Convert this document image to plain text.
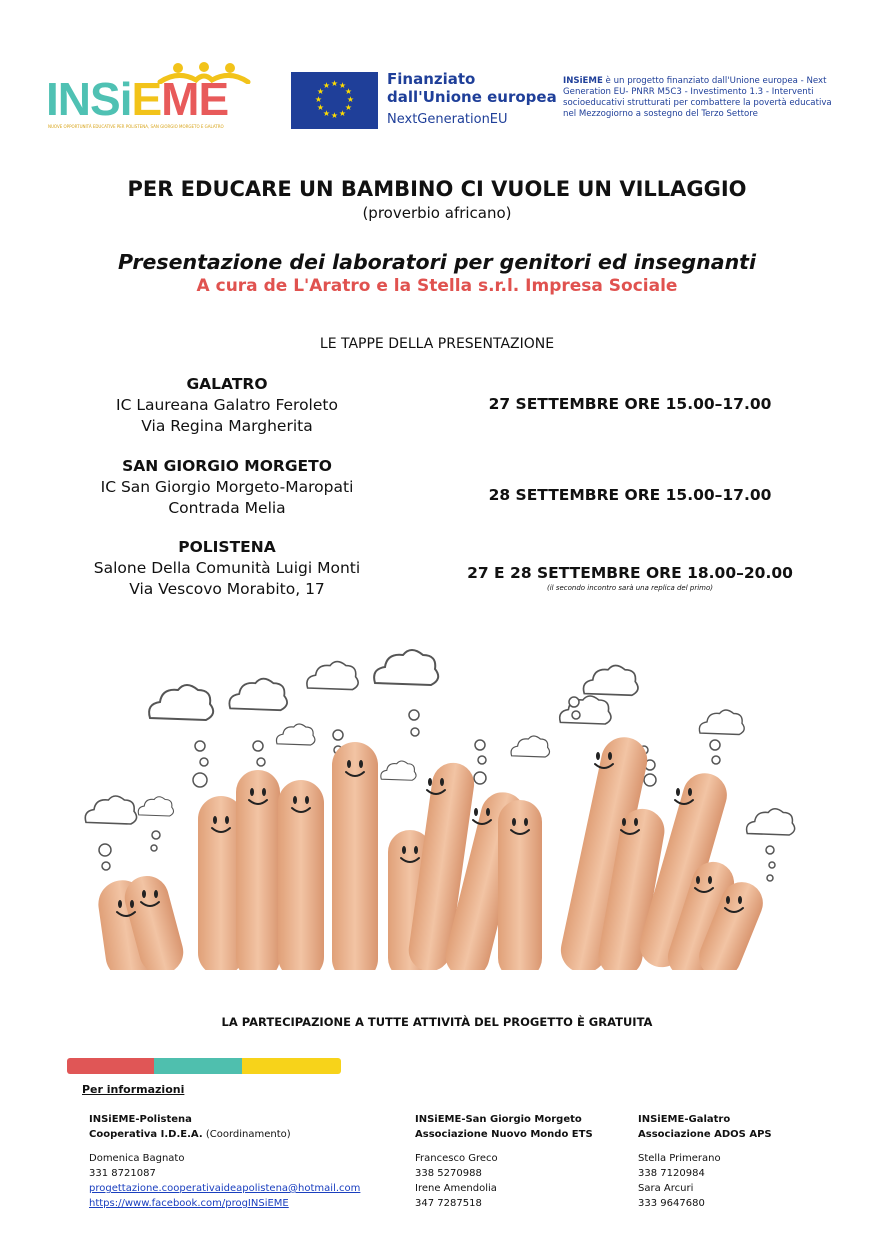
INSiEME
NUOVE OPPORTUNITÀ EDUCATIVE PER POLISTENA, SAN GIORGIO MORGETO E GALATRO
★ ★
★
★
★
★
★
★
★
★
★
★	Finanziato
dall'Unione europea
NextGenerationEU
INSiEME è un progetto finanziato dall'Unione europea - Next Generation EU- PNRR M5C3 - Investimento 1.3 - Interventi socioeducativi strutturati per combattere la povertà educativa nel Mezzogiorno a sostegno del Terzo Settore
PER EDUCARE UN BAMBINO CI VUOLE UN VILLAGGIO
(proverbio africano)
Presentazione dei laboratori per genitori ed insegnanti
A cura de L'Aratro e la Stella s.r.l. Impresa Sociale
LE TAPPE DELLA PRESENTAZIONE
GALATRO
IC Laureana Galatro Feroleto
Via Regina Margherita
27 SETTEMBRE ORE 15.00–17.00
SAN GIORGIO MORGETO
IC San Giorgio Morgeto-Maropati
Contrada Melia
28 SETTEMBRE ORE 15.00–17.00
POLISTENA
Salone Della Comunità Luigi Monti
Via Vescovo Morabito, 17
27 E 28 SETTEMBRE ORE 18.00–20.00
(il secondo incontro sarà una replica del primo)
LA PARTECIPAZIONE A TUTTE ATTIVITÀ DEL PROGETTO È GRATUITA
Per informazioni
INSiEME-Polistena
Cooperativa I.D.E.A. (Coordinamento)
Domenica Bagnato
331 8721087
progettazione.cooperativaideapolistena@hotmail.com
https://www.facebook.com/progINSiEME
INSiEME-San Giorgio Morgeto
Associazione Nuovo Mondo ETS
Francesco Greco
338 5270988
Irene Amendolia
347 7287518
INSiEME-Galatro
Associazione ADOS APS
Stella Primerano
338 7120984
Sara Arcuri
333 9647680
